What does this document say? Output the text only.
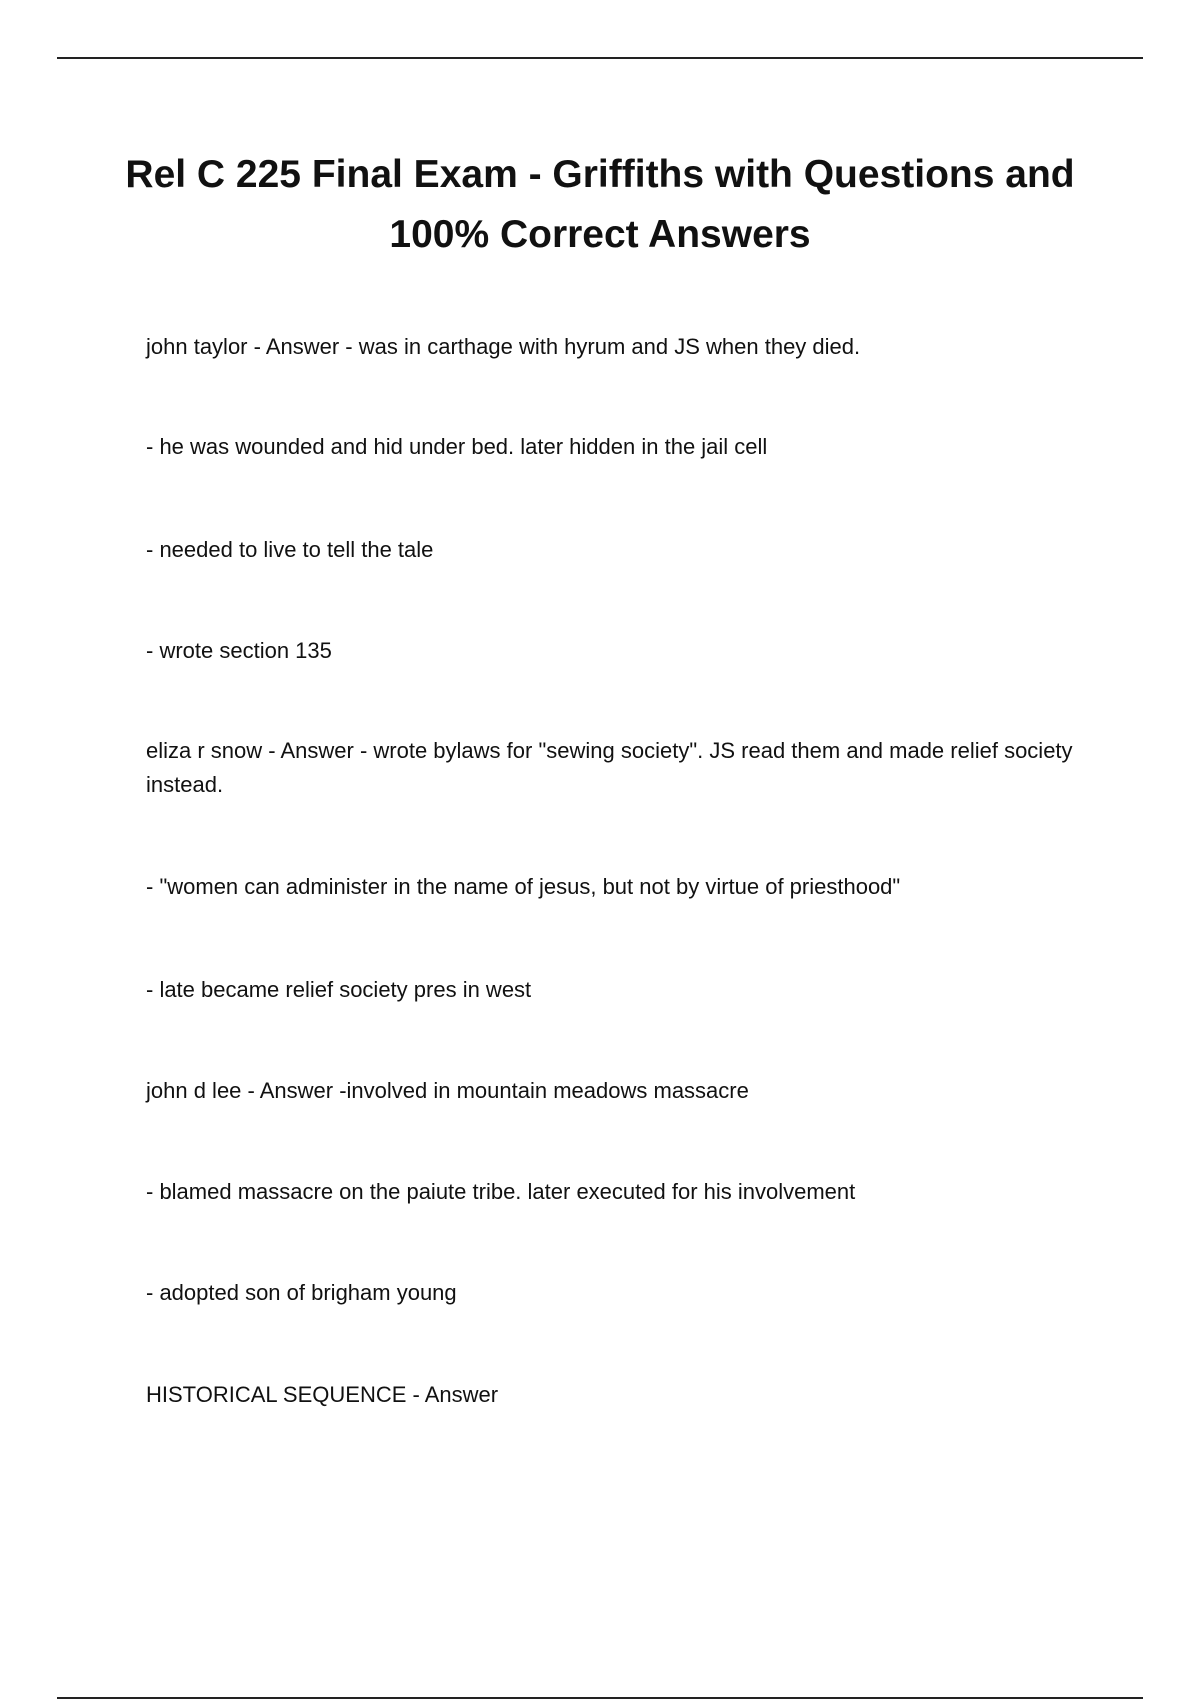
Rel C 225 Final Exam - Griffiths with Questions and 100% Correct Answers

john taylor - Answer - was in carthage with hyrum and JS when they died.

- he was wounded and hid under bed. later hidden in the jail cell

- needed to live to tell the tale

- wrote section 135

eliza r snow - Answer - wrote bylaws for "sewing society". JS read them and made relief society instead.

- "women can administer in the name of jesus, but not by virtue of priesthood"

- late became relief society pres in west

john d lee - Answer -involved in mountain meadows massacre

- blamed massacre on the paiute tribe. later executed for his involvement

- adopted son of brigham young

HISTORICAL SEQUENCE - Answer
